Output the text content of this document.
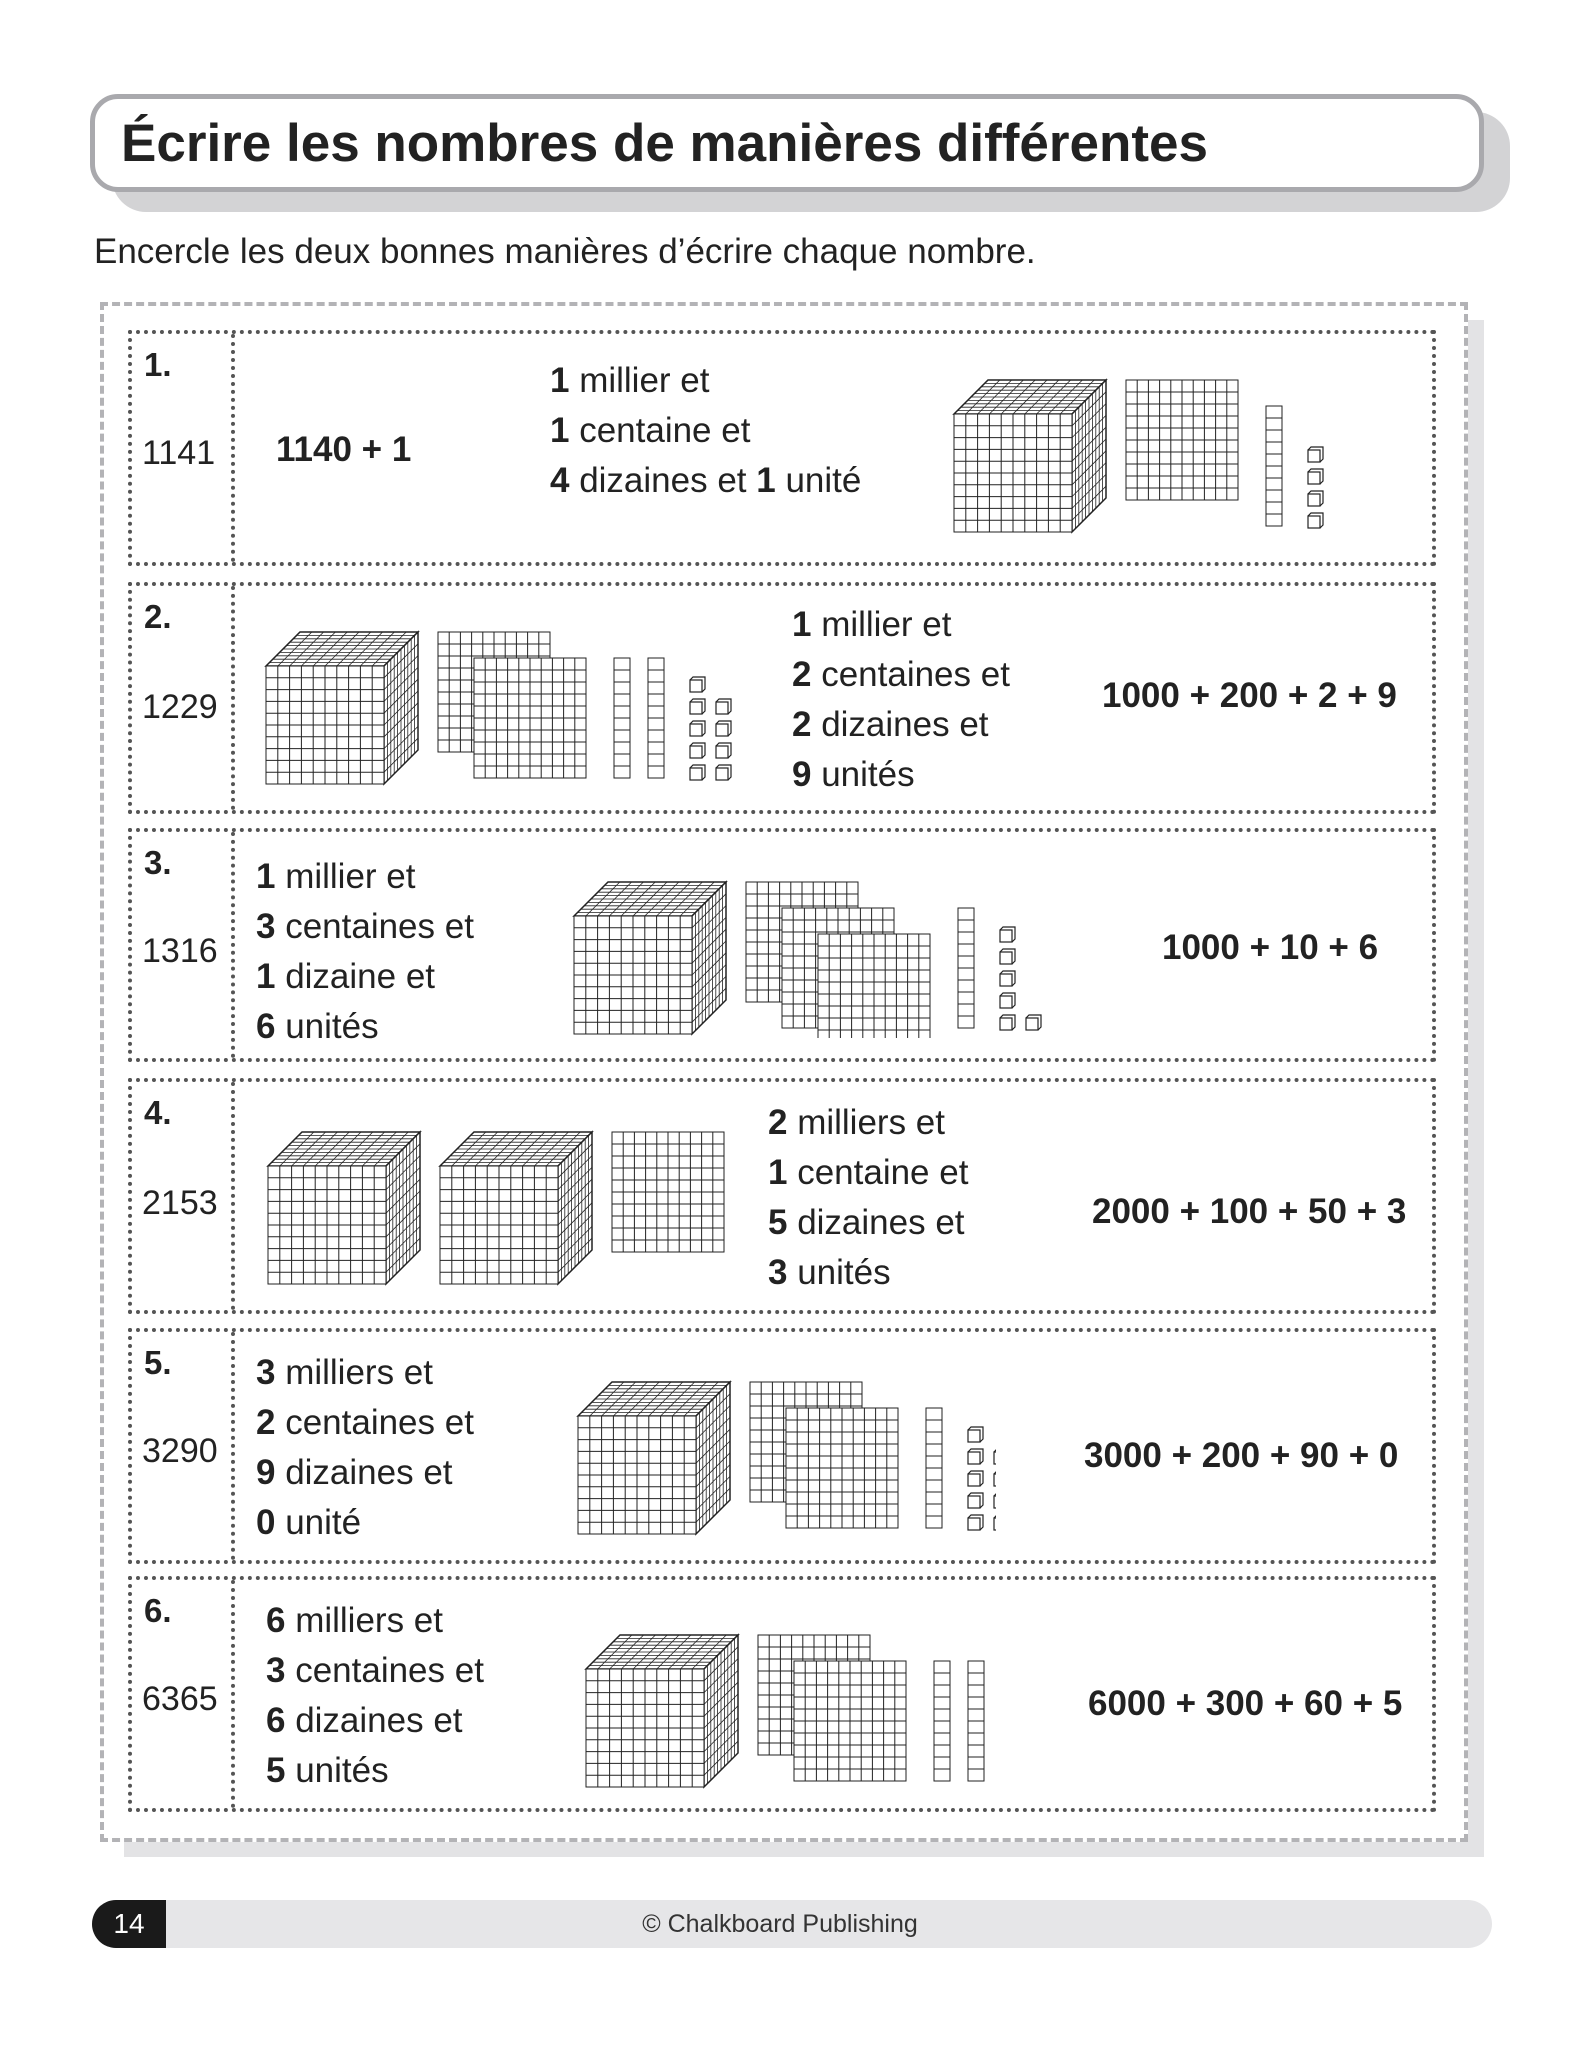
Écrire les nombres de manières différentes
Encercle les deux bonnes manières d’écrire chaque nombre.
1.
1141 1140 + 1
1 millier et
1 centaine et
4 dizaines et 1 unité
2.
1229
1 millier et
2 centaines et
2 dizaines et
9 unités
1000 + 200 + 2 + 9
3.
1316
1 millier et
3 centaines et
1 dizaine et
6 unités
1000 + 10 + 6
4.
2153
2 milliers et
1 centaine et
5 dizaines et
3 unités
2000 + 100 + 50 + 3
5.
3290
3 milliers et
2 centaines et
9 dizaines et
0 unité
3000 + 200 + 90 + 0
6.
6365
6 milliers et
3 centaines et
6 dizaines et
5 unités
6000 + 300 + 60 + 5
14	© Chalkboard Publishing
